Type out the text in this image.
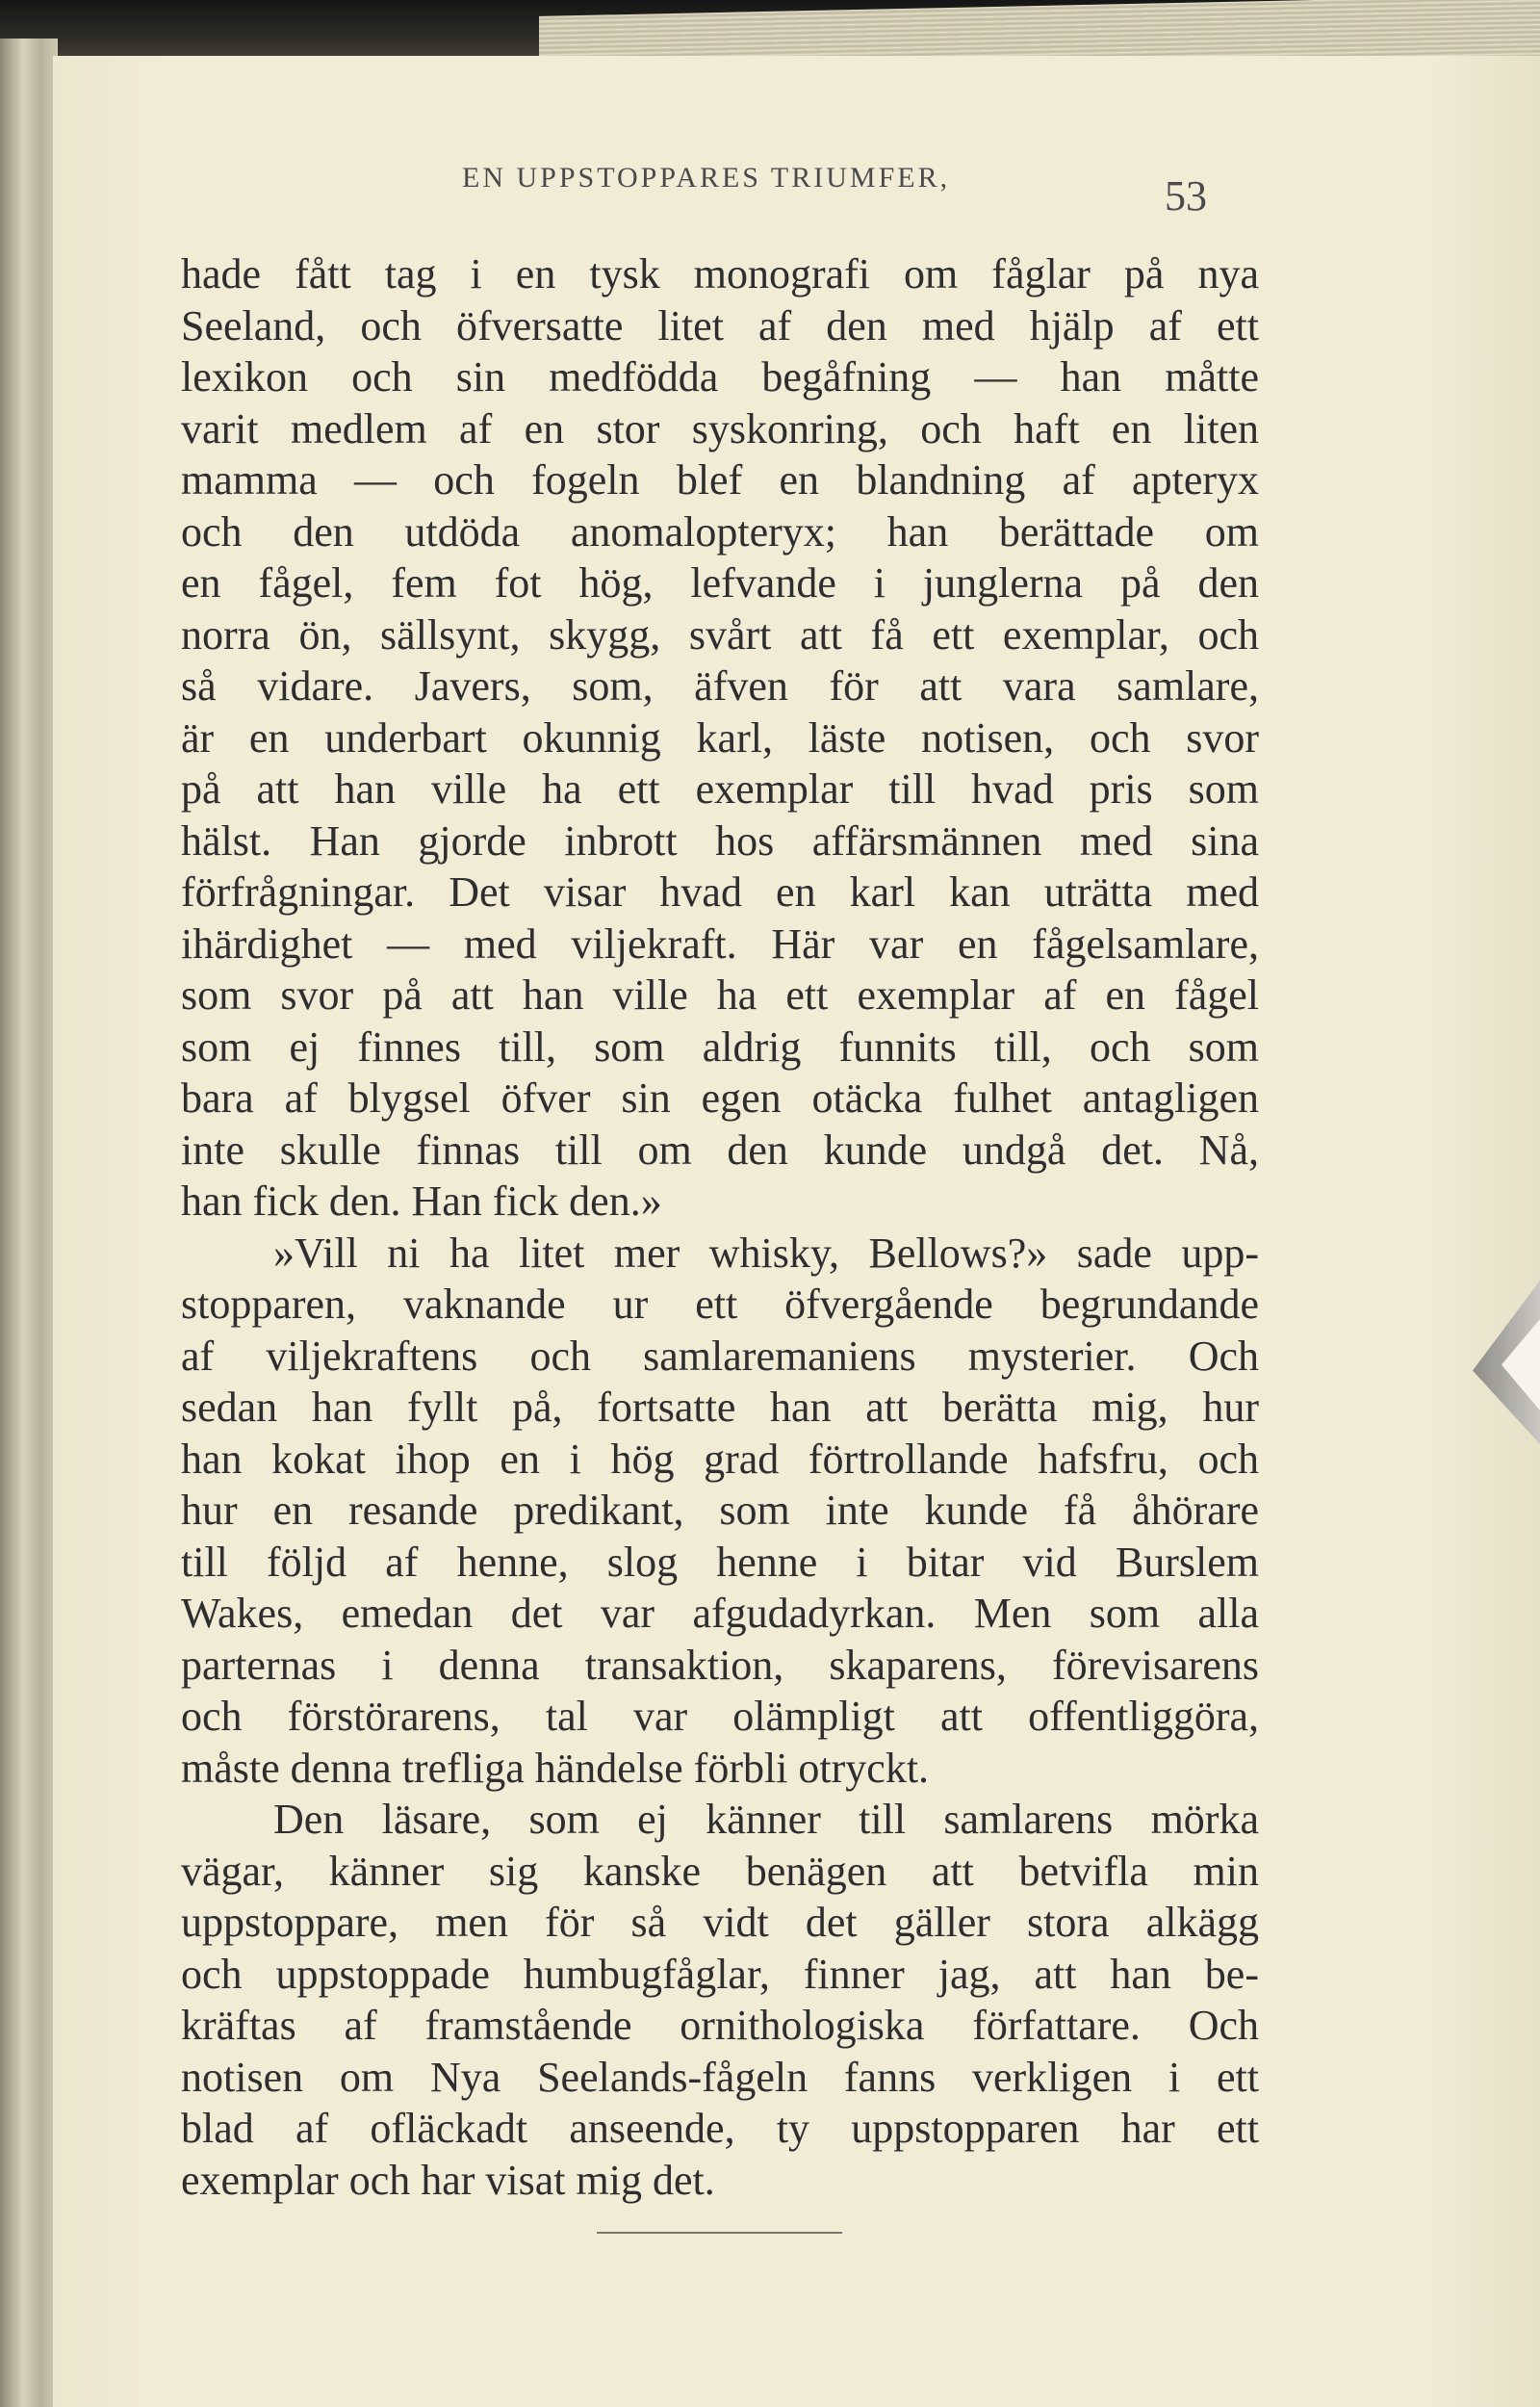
EN UPPSTOPPARES TRIUMFER,	53
hade fått tag i en tysk monografi om fåglar på nya
Seeland, och öfversatte litet af den med hjälp af ett
lexikon och sin medfödda begåfning — han måtte
varit medlem af en stor syskonring, och haft en liten
mamma — och fogeln blef en blandning af apteryx
och den utdöda anomalopteryx; han berättade om
en fågel, fem fot hög, lefvande i junglerna på den
norra ön, sällsynt, skygg, svårt att få ett exemplar, och
så vidare. Javers, som, äfven för att vara samlare,
är en underbart okunnig karl, läste notisen, och svor
på att han ville ha ett exemplar till hvad pris som
hälst. Han gjorde inbrott hos affärsmännen med sina
förfrågningar. Det visar hvad en karl kan uträtta med
ihärdighet — med viljekraft. Här var en fågelsamlare,
som svor på att han ville ha ett exemplar af en fågel
som ej finnes till, som aldrig funnits till, och som
bara af blygsel öfver sin egen otäcka fulhet antagligen
inte skulle finnas till om den kunde undgå det. Nå,
han fick den. Han fick den.»
»Vill ni ha litet mer whisky, Bellows?» sade upp-
stopparen, vaknande ur ett öfvergående begrundande
af viljekraftens och samlaremaniens mysterier. Och
sedan han fyllt på, fortsatte han att berätta mig, hur
han kokat ihop en i hög grad förtrollande hafsfru, och
hur en resande predikant, som inte kunde få åhörare
till följd af henne, slog henne i bitar vid Burslem
Wakes, emedan det var afgudadyrkan. Men som alla
parternas i denna transaktion, skaparens, förevisarens
och förstörarens, tal var olämpligt att offentliggöra,
måste denna trefliga händelse förbli otryckt.
Den läsare, som ej känner till samlarens mörka
vägar, känner sig kanske benägen att betvifla min
uppstoppare, men för så vidt det gäller stora alkägg
och uppstoppade humbugfåglar, finner jag, att han be-
kräftas af framstående ornithologiska författare. Och
notisen om Nya Seelands-fågeln fanns verkligen i ett
blad af ofläckadt anseende, ty uppstopparen har ett
exemplar och har visat mig det.
